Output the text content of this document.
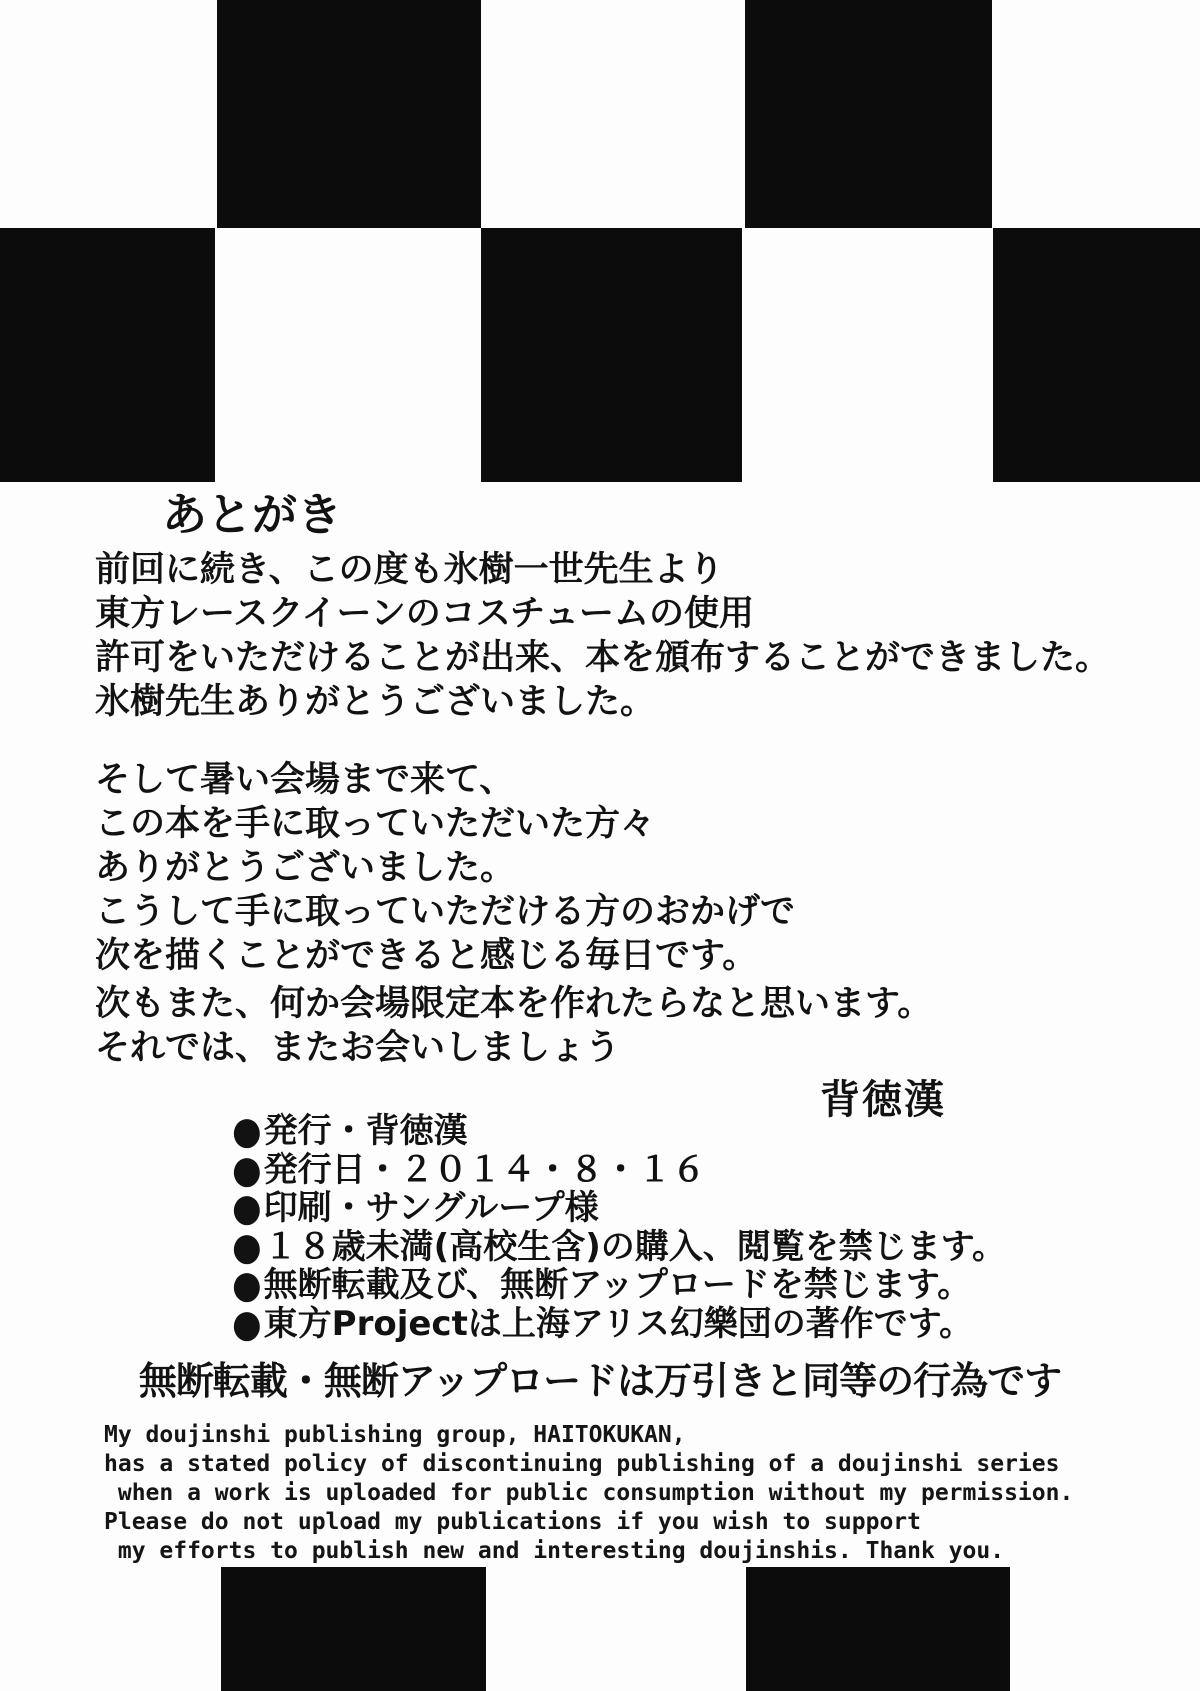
あとがき
前回に続き、この度も氷樹一世先生より
東方レースクイーンのコスチュームの使用
許可をいただけることが出来、本を頒布することができました。
氷樹先生ありがとうございました。
そして暑い会場まで来て、
この本を手に取っていただいた方々
ありがとうございました。
こうして手に取っていただける方のおかげで
次を描くことができると感じる毎日です。
次もまた、何か会場限定本を作れたらなと思います。
それでは、またお会いしましょう
背徳漢
●発行・背徳漢
●発行日・２０１４・８・１６
●印刷・サングループ様
●１８歳未満(高校生含)の購入、閲覧を禁じます。
●無断転載及び、無断アップロードを禁じます。
●東方Projectは上海アリス幻樂団の著作です。
無断転載・無断アップロードは万引きと同等の行為です
My doujinshi publishing group, HAITOKUKAN,
has a stated policy of discontinuing publishing of a doujinshi series
when a work is uploaded for public consumption without my permission.
Please do not upload my publications if you wish to support
my efforts to publish new and interesting doujinshis. Thank you.
